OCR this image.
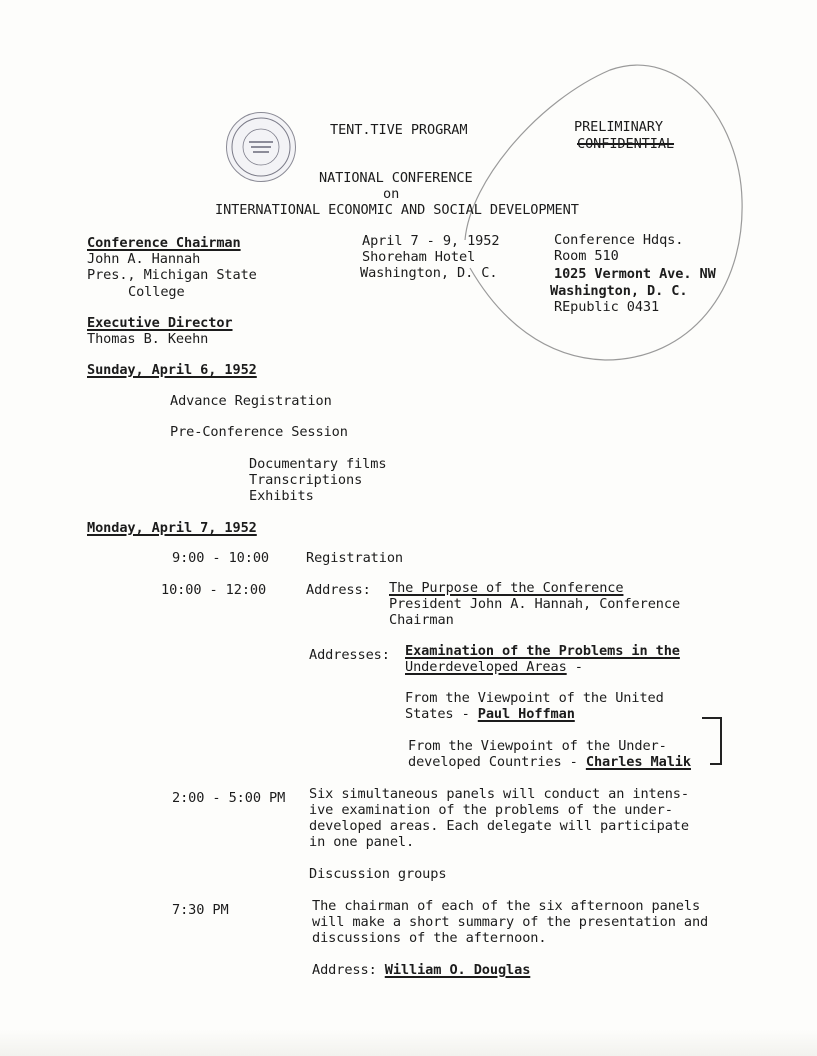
TENT.TIVE PROGRAM	PRELIMINARY
CONFIDENTIAL
NATIONAL CONFERENCE
on
INTERNATIONAL ECONOMIC AND SOCIAL DEVELOPMENT
Conference Chairman
John A. Hannah
Pres., Michigan State
College
April 7 - 9, 1952
Shoreham Hotel
Washington, D. C.
Conference Hdqs.
Room 510
1025 Vermont Ave. NW
Washington, D. C.
REpublic 0431
Executive Director
Thomas B. Keehn
Sunday, April 6, 1952
Advance Registration
Pre-Conference Session
Documentary films
Transcriptions
Exhibits
Monday, April 7, 1952
9:00 - 10:00	Registration
10:00 - 12:00	Address: The Purpose of the Conference
President John A. Hannah, Conference
Chairman
Addresses: Examination of the Problems in the
Underdeveloped Areas -
From the Viewpoint of the United
States - Paul Hoffman
From the Viewpoint of the Under-
developed Countries - Charles Malik
2:00 - 5:00 PM Six simultaneous panels will conduct an intens-
ive examination of the problems of the under-
developed areas. Each delegate will participate
in one panel.
Discussion groups
7:30 PM	The chairman of each of the six afternoon panels
will make a short summary of the presentation and
discussions of the afternoon.
Address: William O. Douglas
